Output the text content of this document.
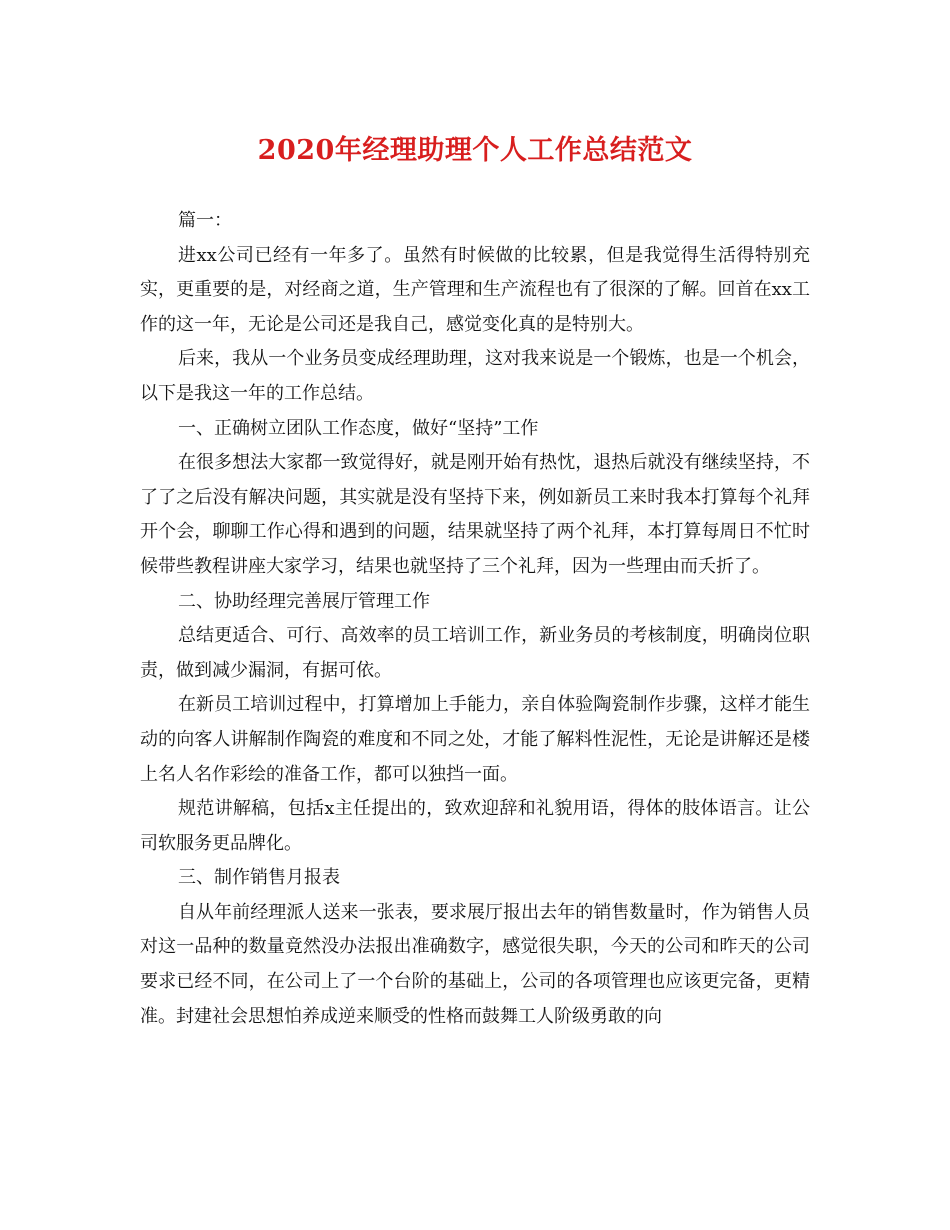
2020年经理助理个人工作总结范文

篇一：

进xx公司已经有一年多了。虽然有时候做的比较累，但是我觉得生活得特别充实，更重要的是，对经商之道，生产管理和生产流程也有了很深的了解。回首在xx工作的这一年，无论是公司还是我自己，感觉变化真的是特别大。

后来，我从一个业务员变成经理助理，这对我来说是一个锻炼，也是一个机会，以下是我这一年的工作总结。

一、正确树立团队工作态度，做好“坚持”工作

在很多想法大家都一致觉得好，就是刚开始有热忱，退热后就没有继续坚持，不了了之后没有解决问题，其实就是没有坚持下来，例如新员工来时我本打算每个礼拜开个会，聊聊工作心得和遇到的问题，结果就坚持了两个礼拜，本打算每周日不忙时候带些教程讲座大家学习，结果也就坚持了三个礼拜，因为一些理由而夭折了。

二、协助经理完善展厅管理工作

总结更适合、可行、高效率的员工培训工作，新业务员的考核制度，明确岗位职责，做到减少漏洞，有据可依。

在新员工培训过程中，打算增加上手能力，亲自体验陶瓷制作步骤，这样才能生动的向客人讲解制作陶瓷的难度和不同之处，才能了解料性泥性，无论是讲解还是楼上名人名作彩绘的准备工作，都可以独挡一面。

规范讲解稿，包括x主任提出的，致欢迎辞和礼貌用语，得体的肢体语言。让公司软服务更品牌化。

三、制作销售月报表

自从年前经理派人送来一张表，要求展厅报出去年的销售数量时，作为销售人员对这一品种的数量竟然没办法报出准确数字，感觉很失职，今天的公司和昨天的公司要求已经不同，在公司上了一个台阶的基础上，公司的各项管理也应该更完备，更精准。封建社会思想怕养成逆来顺受的性格而鼓舞工人阶级勇敢的向
